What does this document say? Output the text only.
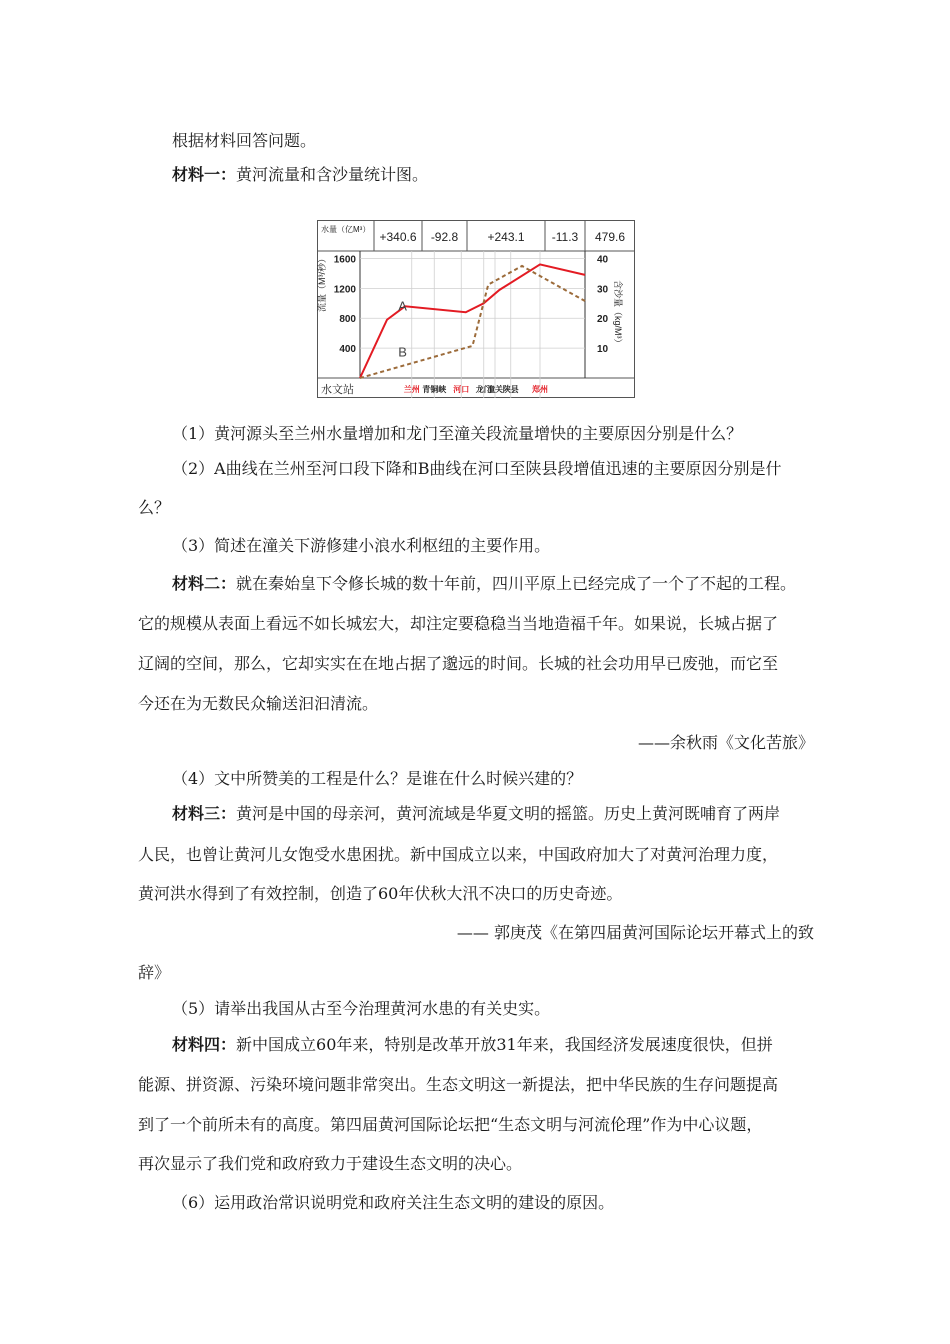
根据材料回答问题。
材料一：黄河流量和含沙量统计图。
+340.6 -92.8 +243.1 -11.3 479.6
水量（亿M³）
1600
1200
800
400
40
30
20
10
流量（M³/秒）	含沙量（kg/M³）
A
B
水文站	兰州 青铜峡 河口 龙门
潼关 陕县 郑州
（1）黄河源头至兰州水量增加和龙门至潼关段流量增快的主要原因分别是什么？
（2）A曲线在兰州至河口段下降和B曲线在河口至陕县段增值迅速的主要原因分别是什
么？
（3）简述在潼关下游修建小浪水利枢纽的主要作用。
材料二：就在秦始皇下令修长城的数十年前，四川平原上已经完成了一个了不起的工程。
它的规模从表面上看远不如长城宏大，却注定要稳稳当当地造福千年。如果说，长城占据了
辽阔的空间，那么，它却实实在在地占据了邈远的时间。长城的社会功用早已废弛，而它至
今还在为无数民众输送汩汩清流。
——余秋雨《文化苦旅》
（4）文中所赞美的工程是什么？是谁在什么时候兴建的？
材料三：黄河是中国的母亲河，黄河流域是华夏文明的摇篮。历史上黄河既哺育了两岸
人民，也曾让黄河儿女饱受水患困扰。新中国成立以来，中国政府加大了对黄河治理力度，
黄河洪水得到了有效控制，创造了60年伏秋大汛不决口的历史奇迹。
—— 郭庚茂《在第四届黄河国际论坛开幕式上的致
辞》
（5）请举出我国从古至今治理黄河水患的有关史实。
材料四：新中国成立60年来，特别是改革开放31年来，我国经济发展速度很快，但拼
能源、拼资源、污染环境问题非常突出。生态文明这一新提法，把中华民族的生存问题提高
到了一个前所未有的高度。第四届黄河国际论坛把“生态文明与河流伦理”作为中心议题，
再次显示了我们党和政府致力于建设生态文明的决心。
（6）运用政治常识说明党和政府关注生态文明的建设的原因。
